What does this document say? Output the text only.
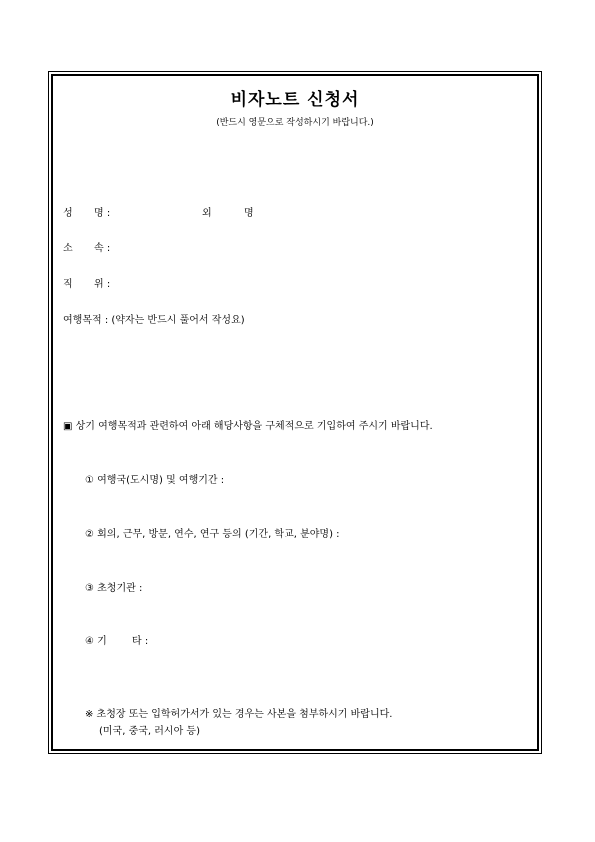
비자노트 신청서
(반드시 영문으로 작성하시기 바랍니다.)
성 명 :	외	명
소 속 :
직 위 :
여행목적 : (약자는 반드시 풀어서 작성요)
▣ 상기 여행목적과 관련하여 아래 해당사항을 구체적으로 기입하여 주시기 바랍니다.
① 여행국(도시명) 및 여행기간 :
② 회의, 근무, 방문, 연수, 연구 등의 (기간, 학교, 분야명) :
③ 초청기관 :
④ 기	타 :
※ 초청장 또는 입학허가서가 있는 경우는 사본을 첨부하시기 바랍니다.
(미국, 중국, 러시아 등)
